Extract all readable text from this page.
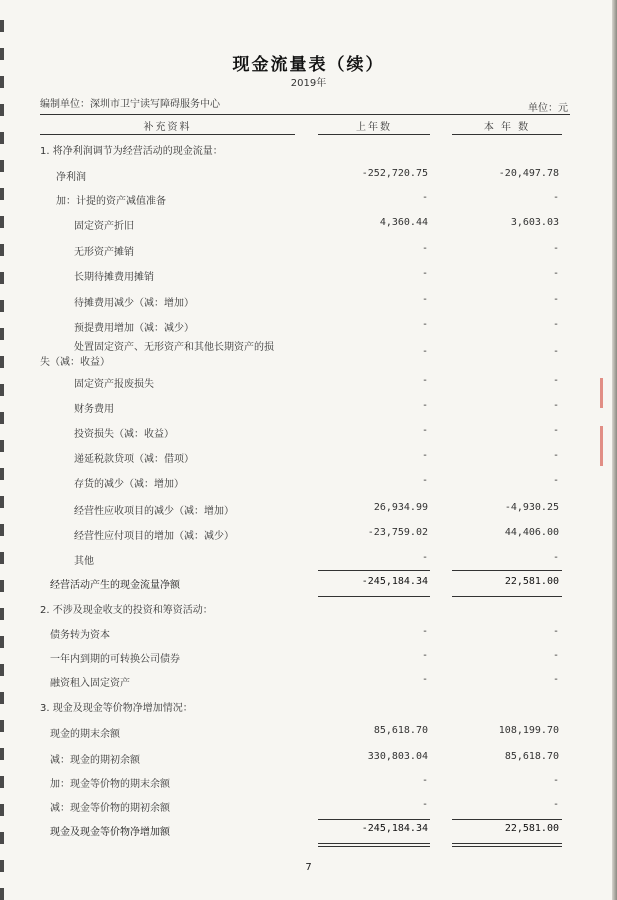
现金流量表（续）
2019年
编制单位：深圳市卫宁读写障碍服务中心	单位：元
补充资料	上年数	本 年 数
1. 将净利润调节为经营活动的现金流量：
净利润	-252,720.75	-20,497.78
加：计提的资产减值准备	-	-
固定资产折旧	4,360.44	3,603.03
无形资产摊销	-	-
长期待摊费用摊销	-	-
待摊费用减少（减：增加）	-	-
预提费用增加（减：减少）	-	-
处置固定资产、无形资产和其他长期资产的损
失（减：收益）
-	-
固定资产报废损失	-	-
财务费用	-	-
投资损失（减：收益）	-	-
递延税款贷项（减：借项）	-	-
存货的减少（减：增加）	-	-
经营性应收项目的减少（减：增加）	26,934.99	-4,930.25
经营性应付项目的增加（减：减少）	-23,759.02	44,406.00
其他	-	-
经营活动产生的现金流量净额	-245,184.34	22,581.00
2. 不涉及现金收支的投资和筹资活动：
债务转为资本	-	-
一年内到期的可转换公司债券	-	-
融资租入固定资产	-	-
3. 现金及现金等价物净增加情况：
现金的期末余额	85,618.70	108,199.70
减：现金的期初余额	330,803.04	85,618.70
加：现金等价物的期末余额	-	-
减：现金等价物的期初余额	-	-
现金及现金等价物净增加额	-245,184.34	22,581.00
7
